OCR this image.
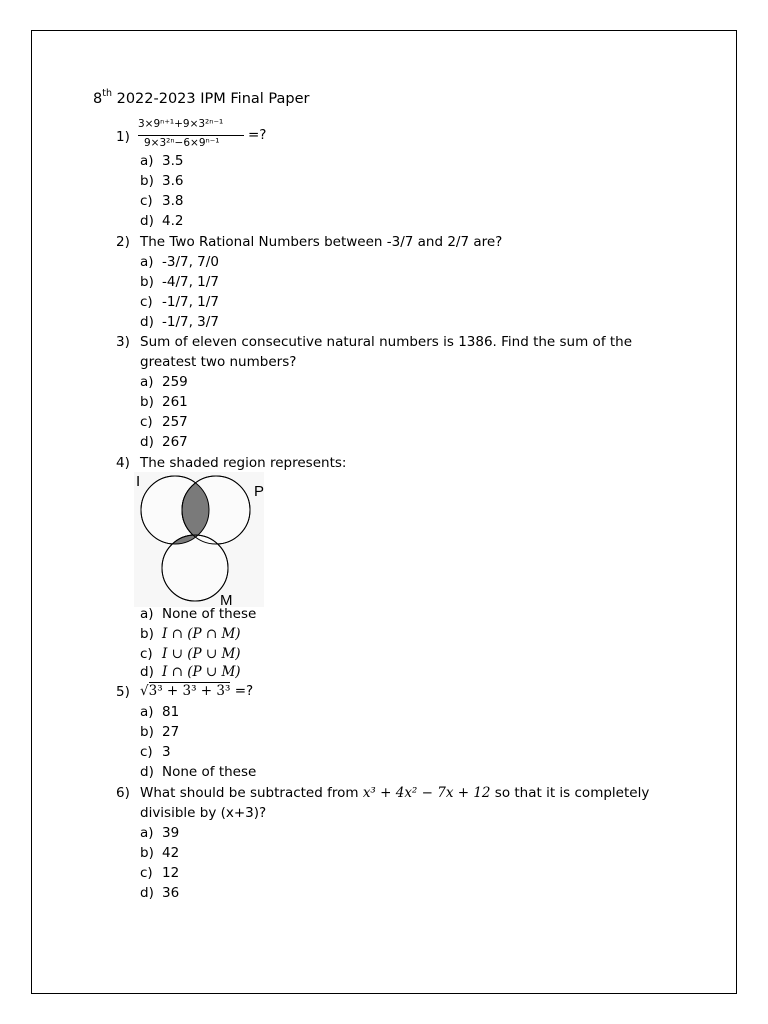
8th 2022-2023 IPM Final Paper
1)
3×9ⁿ⁺¹+9×3²ⁿ⁻¹
9×3²ⁿ−6×9ⁿ⁻¹ =?
a) 3.5
b) 3.6
c) 3.8
d) 4.2
2) The Two Rational Numbers between -3/7 and 2/7 are?
a) -3/7, 7/0
b) -4/7, 1/7
c) -1/7, 1/7
d) -1/7, 3/7
3) Sum of eleven consecutive natural numbers is 1386. Find the sum of the
greatest two numbers?
a) 259
b) 261
c) 257
d) 267
4) The shaded region represents:
I
P
M
a) None of these
b) I ∩ (P ∩ M)
c) I ∪ (P ∪ M)
d) I ∩ (P ∪ M)
5) √3³ + 3³ + 3³ =?
a) 81
b) 27
c) 3
d) None of these
6) What should be subtracted from x³ + 4x² − 7x + 12 so that it is completely
divisible by (x+3)?
a) 39
b) 42
c) 12
d) 36
